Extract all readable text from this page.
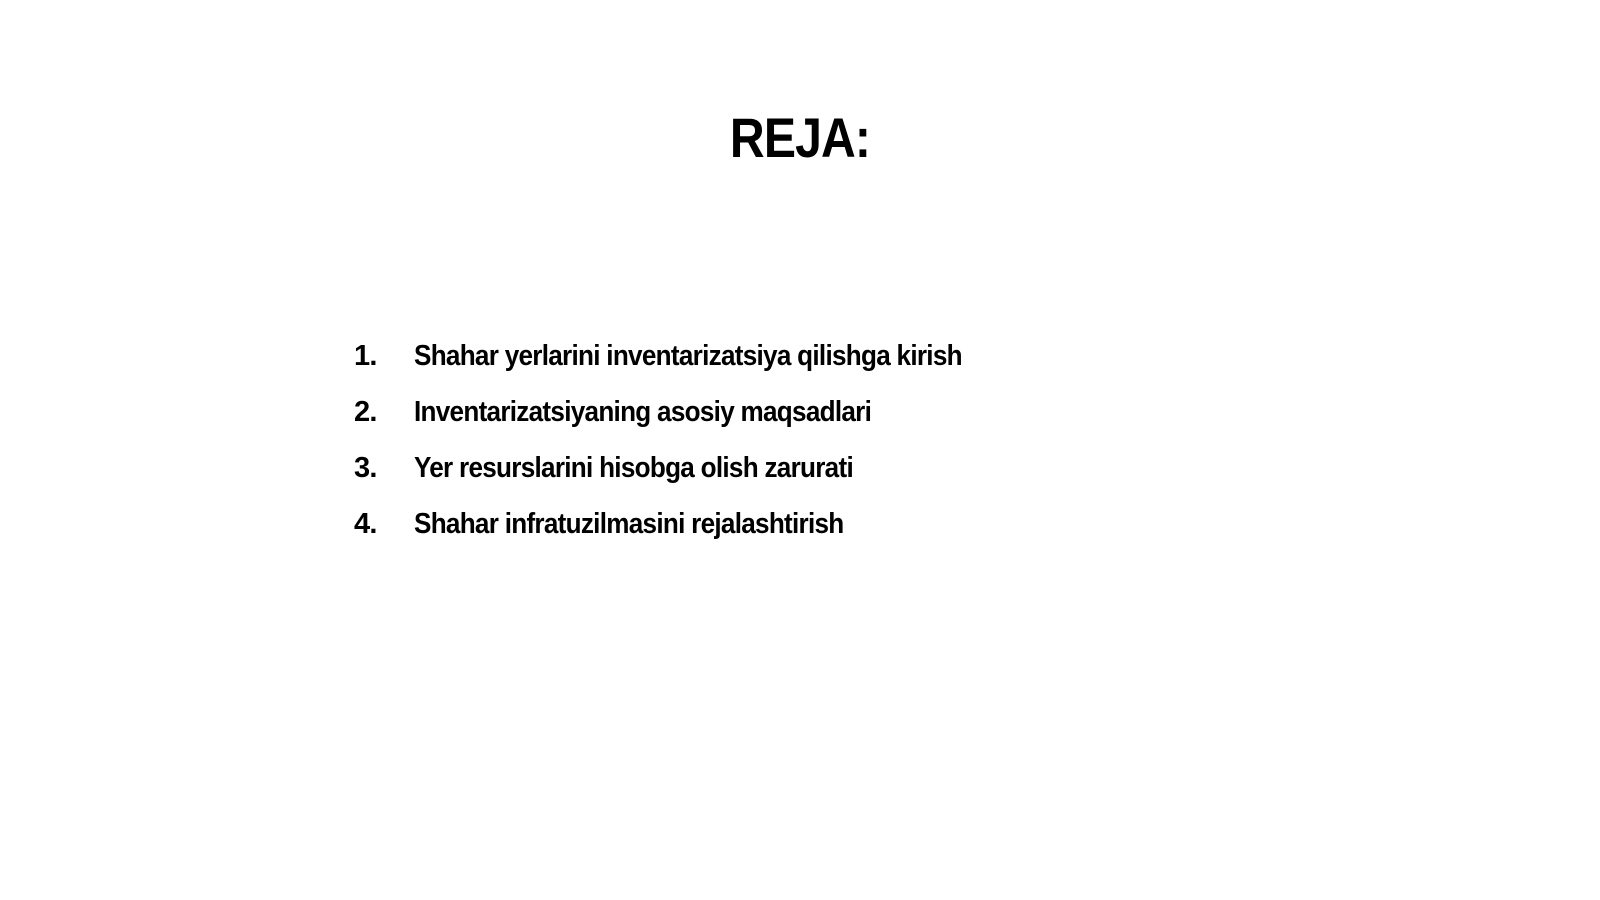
REJA:
1.	Shahar yerlarini inventarizatsiya qilishga kirish
2.	Inventarizatsiyaning asosiy maqsadlari
3.	Yer resurslarini hisobga olish zarurati
4.	Shahar infratuzilmasini rejalashtirish
